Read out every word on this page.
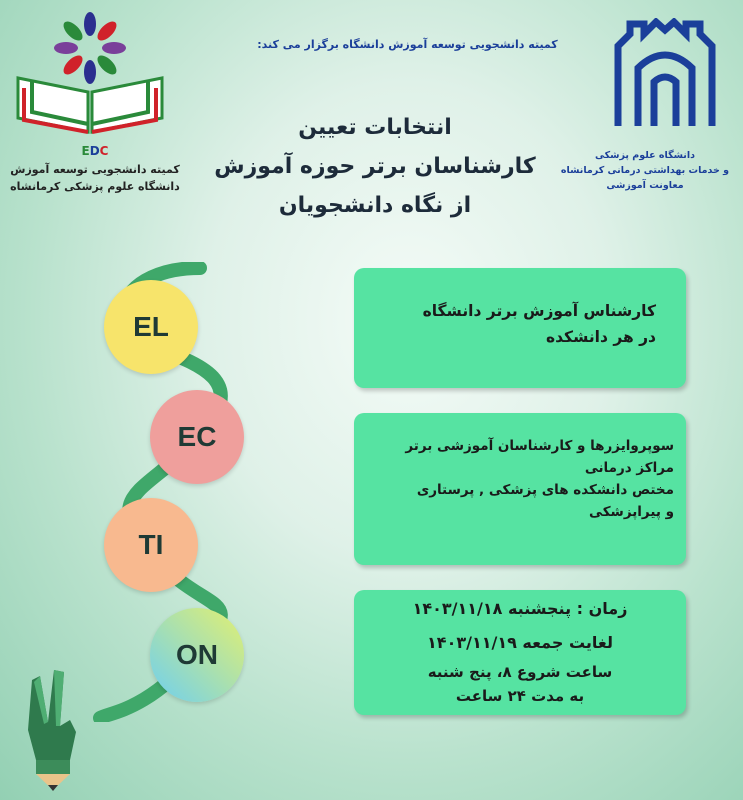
EDC
کمیته دانشجویی توسعه آموزش
دانشگاه علوم پزشکی کرمانشاه
دانشگاه علوم پزشکی
و خدمات بهداشتی درمانی کرمانشاه
معاونت آموزشی
کمیته دانشجویی توسعه آموزش دانشگاه برگزار می کند:
انتخابات تعیین
کارشناسان برتر حوزه آموزش
از نگاه دانشجویان
EL
EC
TI
ON
کارشناس آموزش برتر دانشگاه
در هر دانشکده
سوپروایزرها و کارشناسان آموزشی برتر
مراکز درمانی
مختص دانشکده های پزشکی , پرستاری
و پیراپزشکی
زمان : پنجشنبه ۱۴۰۳/۱۱/۱۸
لغایت جمعه ۱۴۰۳/۱۱/۱۹
ساعت شروع ۸، پنج شنبه
به مدت ۲۴ ساعت
